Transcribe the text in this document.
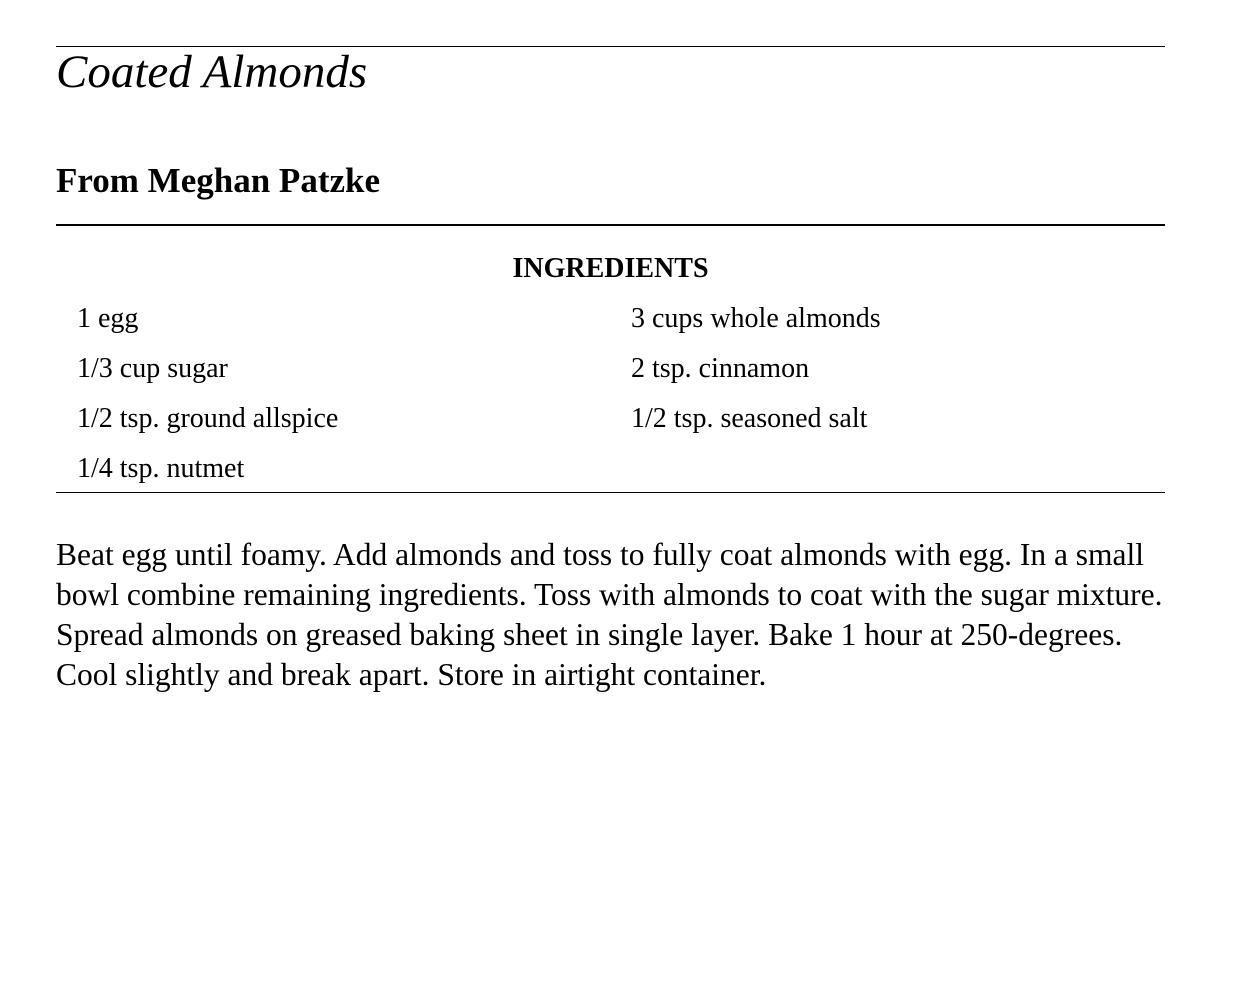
Coated Almonds
From Meghan Patzke
INGREDIENTS
1 egg	3 cups whole almonds
1/3 cup sugar	2 tsp. cinnamon
1/2 tsp. ground allspice	1/2 tsp. seasoned salt
1/4 tsp. nutmet

Beat egg until foamy. Add almonds and toss to fully coat almonds with egg. In a small bowl combine remaining ingredients. Toss with almonds to coat with the sugar mixture. Spread almonds on greased baking sheet in single layer. Bake 1 hour at 250-degrees. Cool slightly and break apart. Store in airtight container.
